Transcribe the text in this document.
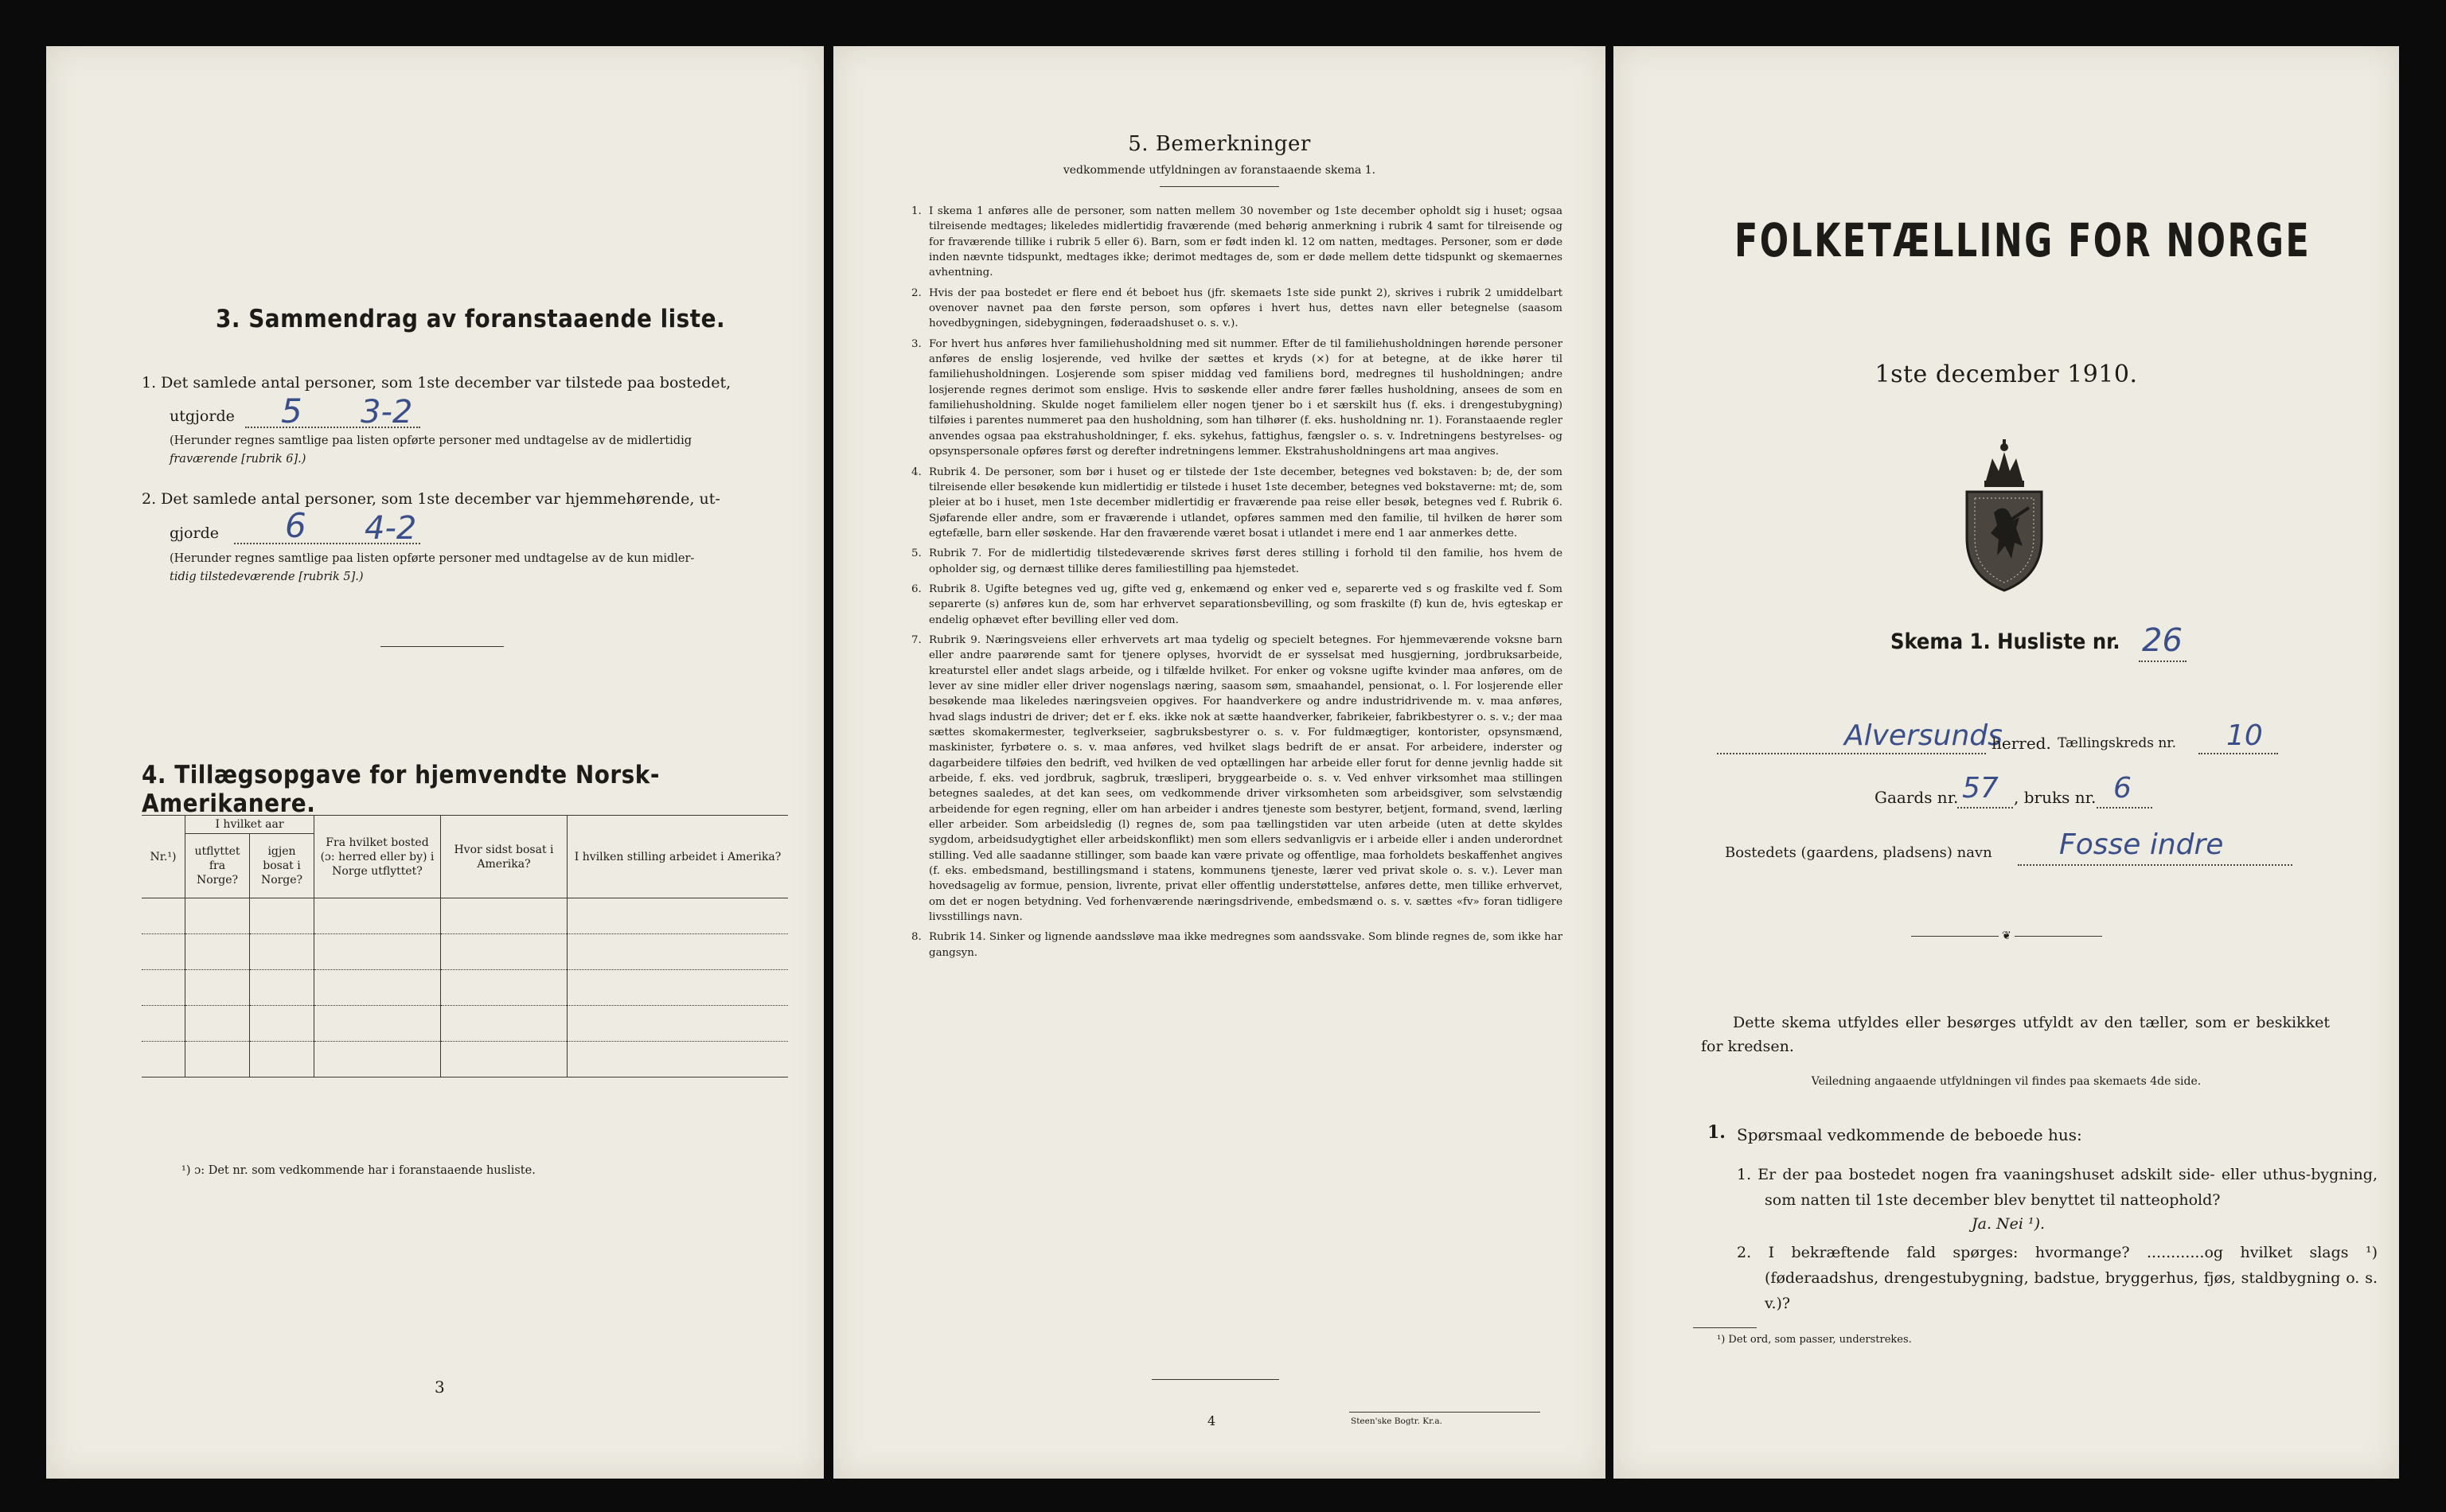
3. Sammendrag av foranstaaende liste.
1. Det samlede antal personer, som 1ste december var tilstede paa bostedet,
utgjorde 5 3-2
(Herunder regnes samtlige paa listen opførte personer med undtagelse av de midlertidig
fraværende [rubrik 6].)
2. Det samlede antal personer, som 1ste december var hjemmehørende, ut-
gjorde 6 4-2
(Herunder regnes samtlige paa listen opførte personer med undtagelse av de kun midler-
tidig tilstedeværende [rubrik 5].)
4. Tillægsopgave for hjemvendte Norsk-Amerikanere.
Nr.¹)	I hvilket aar		Fra hvilket bosted (ɔ: herred eller by) i Norge utflyttet?	Hvor sidst bosat i Amerika?	I hvilken stilling arbeidet i Amerika?
	utflyttet fra Norge?	igjen bosat i Norge?			

¹) ɔ: Det nr. som vedkommende har i foranstaaende husliste.
3
5. Bemerkninger
vedkommende utfyldningen av foranstaaende skema 1.
1. I skema 1 anføres alle de personer, som natten mellem 30 november og 1ste december opholdt sig i huset; ogsaa tilreisende medtages; likeledes midlertidig fraværende (med behørig anmerkning i rubrik 4 samt for tilreisende og for fraværende tillike i rubrik 5 eller 6). Barn, som er født inden kl. 12 om natten, medtages. Personer, som er døde inden nævnte tidspunkt, medtages ikke; derimot medtages de, som er døde mellem dette tidspunkt og skemaernes avhentning.
2. Hvis der paa bostedet er flere end ét beboet hus (jfr. skemaets 1ste side punkt 2), skrives i rubrik 2 umiddelbart ovenover navnet paa den første person, som opføres i hvert hus, dettes navn eller betegnelse (saasom hovedbygningen, sidebygningen, føderaadshuset o. s. v.).
3. For hvert hus anføres hver familiehusholdning med sit nummer. Efter de til familiehusholdningen hørende personer anføres de enslig losjerende, ved hvilke der sættes et kryds (×) for at betegne, at de ikke hører til familiehusholdningen. Losjerende som spiser middag ved familiens bord, medregnes til husholdningen; andre losjerende regnes derimot som enslige. Hvis to søskende eller andre fører fælles husholdning, ansees de som en familiehusholdning. Skulde noget familielem eller nogen tjener bo i et særskilt hus (f. eks. i drengestubygning) tilføies i parentes nummeret paa den husholdning, som han tilhører (f. eks. husholdning nr. 1). Foranstaaende regler anvendes ogsaa paa ekstrahusholdninger, f. eks. sykehus, fattighus, fængsler o. s. v. Indretningens bestyrelses- og opsynspersonale opføres først og derefter indretningens lemmer. Ekstrahusholdningens art maa angives.
4. Rubrik 4. De personer, som bør i huset og er tilstede der 1ste december, betegnes ved bokstaven: b; de, der som tilreisende eller besøkende kun midlertidig er tilstede i huset 1ste december, betegnes ved bokstaverne: mt; de, som pleier at bo i huset, men 1ste december midlertidig er fraværende paa reise eller besøk, betegnes ved f. Rubrik 6. Sjøfarende eller andre, som er fraværende i utlandet, opføres sammen med den familie, til hvilken de hører som egtefælle, barn eller søskende. Har den fraværende været bosat i utlandet i mere end 1 aar anmerkes dette.
5. Rubrik 7. For de midlertidig tilstedeværende skrives først deres stilling i forhold til den familie, hos hvem de opholder sig, og dernæst tillike deres familiestilling paa hjemstedet.
6. Rubrik 8. Ugifte betegnes ved ug, gifte ved g, enkemænd og enker ved e, separerte ved s og fraskilte ved f. Som separerte (s) anføres kun de, som har erhvervet separationsbevilling, og som fraskilte (f) kun de, hvis egteskap er endelig ophævet efter bevilling eller ved dom.
7. Rubrik 9. Næringsveiens eller erhvervets art maa tydelig og specielt betegnes. For hjemmeværende voksne barn eller andre paarørende samt for tjenere oplyses, hvorvidt de er sysselsat med husgjerning, jordbruksarbeide, kreaturstel eller andet slags arbeide, og i tilfælde hvilket. For enker og voksne ugifte kvinder maa anføres, om de lever av sine midler eller driver nogenslags næring, saasom søm, smaahandel, pensionat, o. l. For losjerende eller besøkende maa likeledes næringsveien opgives. For haandverkere og andre industridrivende m. v. maa anføres, hvad slags industri de driver; det er f. eks. ikke nok at sætte haandverker, fabrikeier, fabrikbestyrer o. s. v.; der maa sættes skomakermester, teglverkseier, sagbruksbestyrer o. s. v. For fuldmægtiger, kontorister, opsynsmænd, maskinister, fyrbøtere o. s. v. maa anføres, ved hvilket slags bedrift de er ansat. For arbeidere, inderster og dagarbeidere tilføies den bedrift, ved hvilken de ved optællingen har arbeide eller forut for denne jevnlig hadde sit arbeide, f. eks. ved jordbruk, sagbruk, træsliperi, bryggearbeide o. s. v. Ved enhver virksomhet maa stillingen betegnes saaledes, at det kan sees, om vedkommende driver virksomheten som arbeidsgiver, som selvstændig arbeidende for egen regning, eller om han arbeider i andres tjeneste som bestyrer, betjent, formand, svend, lærling eller arbeider. Som arbeidsledig (l) regnes de, som paa tællingstiden var uten arbeide (uten at dette skyldes sygdom, arbeidsudygtighet eller arbeidskonflikt) men som ellers sedvanligvis er i arbeide eller i anden underordnet stilling. Ved alle saadanne stillinger, som baade kan være private og offentlige, maa forholdets beskaffenhet angives (f. eks. embedsmand, bestillingsmand i statens, kommunens tjeneste, lærer ved privat skole o. s. v.). Lever man hovedsagelig av formue, pension, livrente, privat eller offentlig understøttelse, anføres dette, men tillike erhvervet, om det er nogen betydning. Ved forhenværende næringsdrivende, embedsmænd o. s. v. sættes «fv» foran tidligere livsstillings navn.
8. Rubrik 14. Sinker og lignende aandssløve maa ikke medregnes som aandssvake. Som blinde regnes de, som ikke har gangsyn.
4	Steen'ske Bogtr. Kr.a.
FOLKETÆLLING FOR NORGE
1ste december 1910.
Skema 1. Husliste nr. 26
Alversunds
herred. Tællingskreds nr. 10
Gaards nr. 57 , bruks nr. 6
Bostedets (gaardens, pladsens) navn Fosse indre
❦
Dette skema utfyldes eller besørges utfyldt av den tæller, som er beskikket for kredsen.
Veiledning angaaende utfyldningen vil findes paa skemaets 4de side.
1. Spørsmaal vedkommende de beboede hus:
1. Er der paa bostedet nogen fra vaaningshuset adskilt side- eller uthus-bygning, som natten til 1ste december blev benyttet til natteophold?
Ja. Nei ¹).
2. I bekræftende fald spørges: hvormange? ............og hvilket slags ¹) (føderaadshus, drengestubygning, badstue, bryggerhus, fjøs, staldbygning o. s. v.)?
¹) Det ord, som passer, understrekes.
